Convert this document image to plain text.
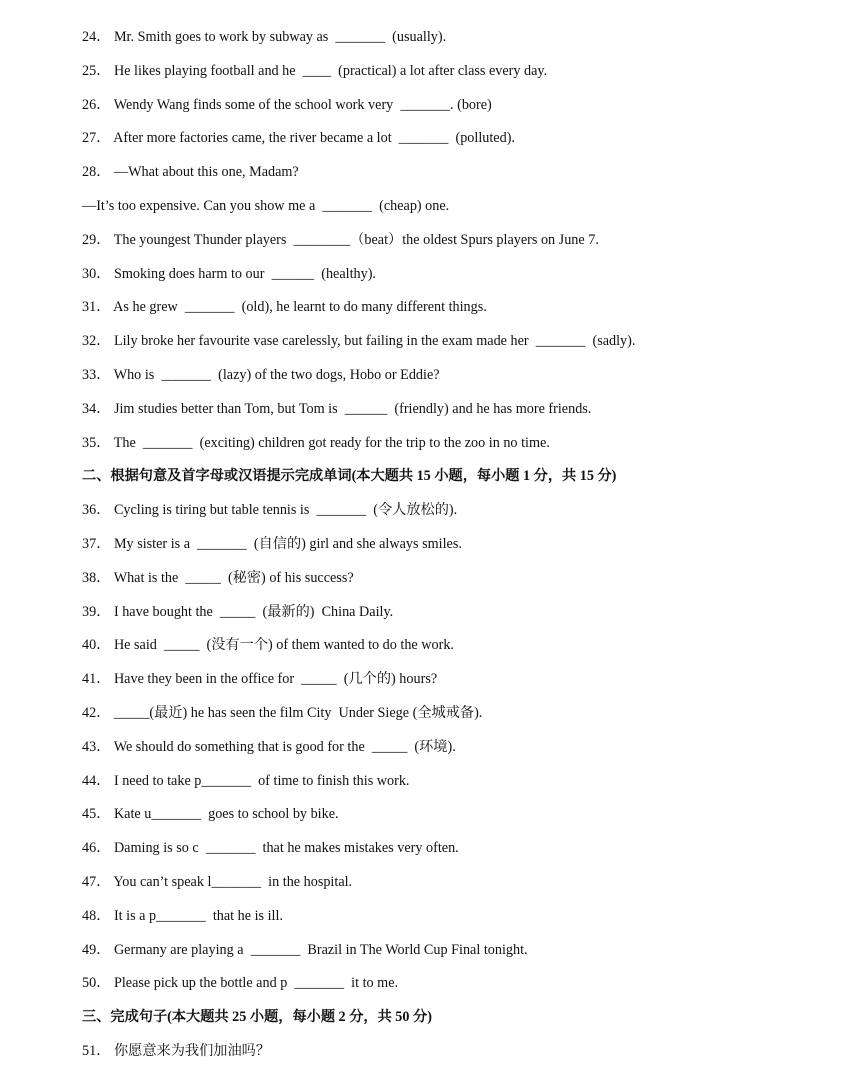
24． Mr. Smith goes to work by subway as  _______  (usually).
25． He likes playing football and he  ____  (practical) a lot after class every day.
26． Wendy Wang finds some of the school work very  _______. (bore)
27． After more factories came, the river became a lot  _______  (polluted).
28． —What about this one, Madam?
—It’s too expensive. Can you show me a  _______  (cheap) one.
29． The youngest Thunder players  ________（beat）the oldest Spurs players on June 7.
30． Smoking does harm to our  ______  (healthy).
31． As he grew  _______  (old), he learnt to do many different things.
32． Lily broke her favourite vase carelessly, but failing in the exam made her  _______  (sadly).
33． Who is  _______  (lazy) of the two dogs, Hobo or Eddie?
34． Jim studies better than Tom, but Tom is  ______  (friendly) and he has more friends.
35． The  _______  (exciting) children got ready for the trip to the zoo in no time.
二、根据句意及首字母或汉语提示完成单词(本大题共 15 小题，每小题 1 分，共 15 分)
36． Cycling is tiring but table tennis is  _______  (令人放松的).
37． My sister is a  _______  (自信的) girl and she always smiles.
38． What is the  _____  (秘密) of his success?
39． I have bought the  _____  (最新的)  China Daily.
40． He said  _____  (没有一个) of them wanted to do the work.
41． Have they been in the office for  _____  (几个的) hours?
42． _____(最近) he has seen the film City  Under Siege (全城戒备).
43． We should do something that is good for the  _____  (环境).
44． I need to take p_______  of time to finish this work.
45． Kate u_______  goes to school by bike.
46． Daming is so c  _______  that he makes mistakes very often.
47． You can’t speak l_______  in the hospital.
48． It is a p_______  that he is ill.
49． Germany are playing a  _______  Brazil in The World Cup Final tonight.
50． Please pick up the bottle and p  _______  it to me.
三、完成句子(本大题共 25 小题，每小题 2 分，共 50 分)
51． 你愿意来为我们加油吗？
